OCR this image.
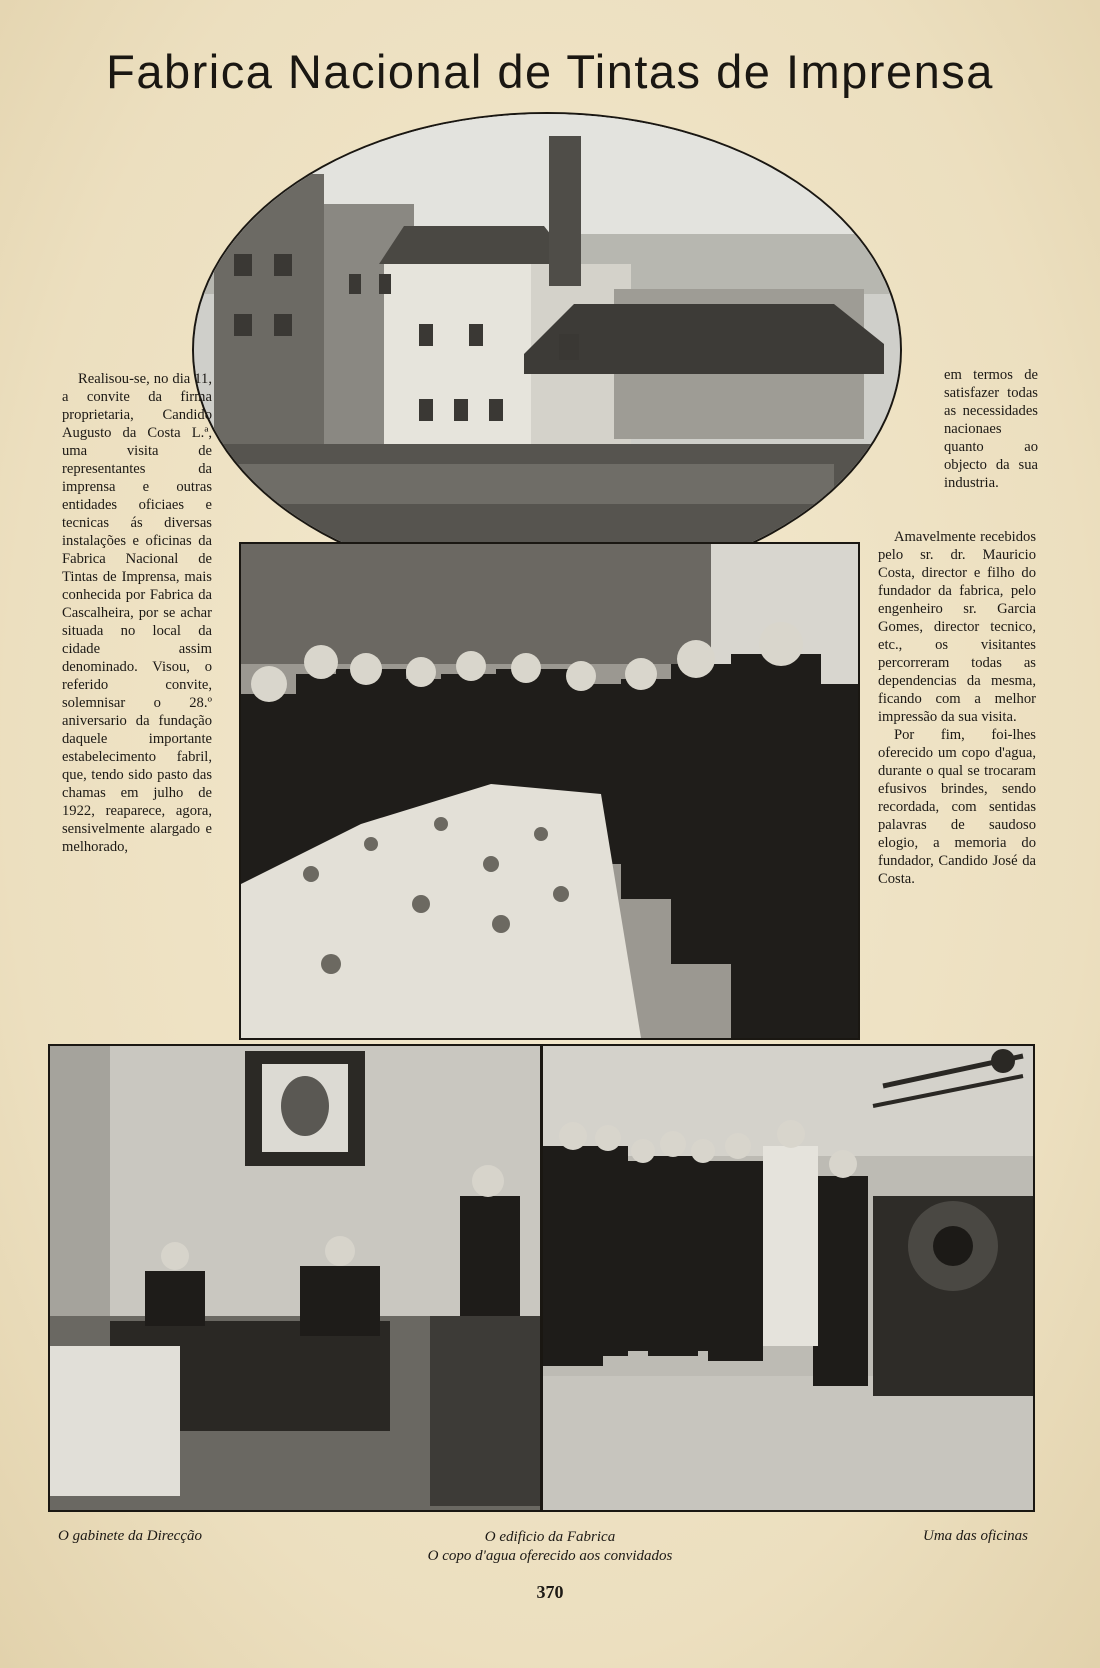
Fabrica Nacional de Tintas de Imprensa

Realisou-se, no dia 11, a convite da firma proprietaria, Candido Augusto da Costa L.ª, uma visita de representantes da imprensa e outras entidades oficiaes e tecnicas ás diversas instalações e oficinas da Fabrica Nacional de Tintas de Imprensa, mais conhecida por Fabrica da Cascalheira, por se achar situada no local da cidade assim denominado. Visou, o referido convite, solemnisar o 28.º aniversario da fundação daquele importante estabelecimento fabril, que, tendo sido pasto das chamas em julho de 1922, reaparece, agora, sensivelmente alargado e melhorado,

em termos de satisfazer todas as necessidades nacionaes quanto ao objecto da sua industria.

Amavelmente recebidos pelo sr. dr. Mauricio Costa, director e filho do fundador da fabrica, pelo engenheiro sr. Garcia Gomes, director tecnico, etc., os visitantes percorreram todas as dependencias da mesma, ficando com a melhor impressão da sua visita.

Por fim, foi-lhes oferecido um copo d'agua, durante o qual se trocaram efusivos brindes, sendo recordada, com sentidas palavras de saudoso elogio, a memoria do fundador, Candido José da Costa.

O gabinete da Direcção	O edificio da Fabrica
O copo d'agua oferecido aos convidados
Uma das oficinas
370
